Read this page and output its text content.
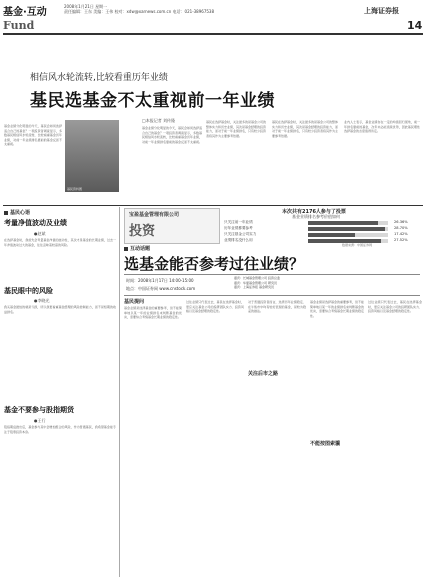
基金·互动
2008年1月21日 星期一
责任编辑：王东 美编：王伟 校对：xdw@xarnews.com.cn 电话：021-38967538	上海证券报
Fund	14
相信风水轮流转,比较看重历年业绩
基民选基金不太重视前一年业绩
□本报记者 刘传隆
基民资料图
基金业绩分化明显的今天，基民会如何选择适合自己的基金？一项投资者调查显示，多数基民相信风水轮流转，比较看重基金历年业绩，对前一年业绩排名靠前的基金反而不太重视。
基金业绩分化明显的今天，基民会如何选择适合自己的基金？一项投资者调查显示，多数基民相信风水轮流转，比较看重基金历年业绩，对前一年业绩排名靠前的基金反而不太重视。
基民在选择基金时，关注最多的是基金公司的整体实力和历史业绩，其次是基金经理的投资能力，而对于前一年业绩排名，只有较少投资者将其作为主要参考依据。
基民在选择基金时，关注最多的是基金公司的整体实力和历史业绩，其次是基金经理的投资能力，而对于前一年业绩排名，只有较少投资者将其作为主要参考依据。
业内人士表示，基金业绩存在一定的均值回归现象，前一年排名靠前的基金，次年未必能延续优势，因此基民理性选择基金的态度值得肯定。
基民心语
考量净值波动及业绩
●赵斌
在选择基金时，我首先会考量基金净值的波动性，其次才是基金的长期业绩，过去一年净值波动过大的基金，往往意味着较高的风险。
基民眼中的风险
●李晓光
我买基金最怕的就是亏损，所以我更看重基金经理的风险控制能力，而不是短期的收益排名。
基金不要参与股指期货
●王行
股指期货推出后，基金参与其中会增加组合的风险，作为普通基民，我希望基金能专注于股票投资本身。
宝盈基金管理有限公司
投资
本次共有2176人参与了投票
基金业绩排名参考价值如何
只关注前一年业绩	26.36%
历年业绩都要参考	28.70%
只关注基金公司实力	17.42%
业绩排名没什么用	27.52%
数据来源：中国证券网
互动话题
选基金能否参考过往业绩？
时间：2008年1月17日 14:00-15:00
地点：中国证券网 www.cnstock.com
嘉宾：长城基金管理公司 投资总监
嘉宾：华夏基金管理公司 研究员
嘉宾：上海证券报 基金研究员
基民提问
基金业绩是选择基金的重要参考，但不能简单地以某一年的业绩排名来判断基金的优劣，需要综合考察基金长期业绩的稳定性。
过往业绩只代表过去，基民在选择基金时，更应关注基金公司的投研团队实力、投资风格以及基金经理的稳定性。
关注后市之路
对于普通投资者而言，选择历年业绩稳定、在牛熊市中均有较好表现的基金，是较为稳妥的做法。
基金业绩是选择基金的重要参考，但不能简单地以某一年的业绩排名来判断基金的优劣，需要综合考察基金长期业绩的稳定性。
不能按图索骥
过往业绩只代表过去，基民在选择基金时，更应关注基金公司的投研团队实力、投资风格以及基金经理的稳定性。
